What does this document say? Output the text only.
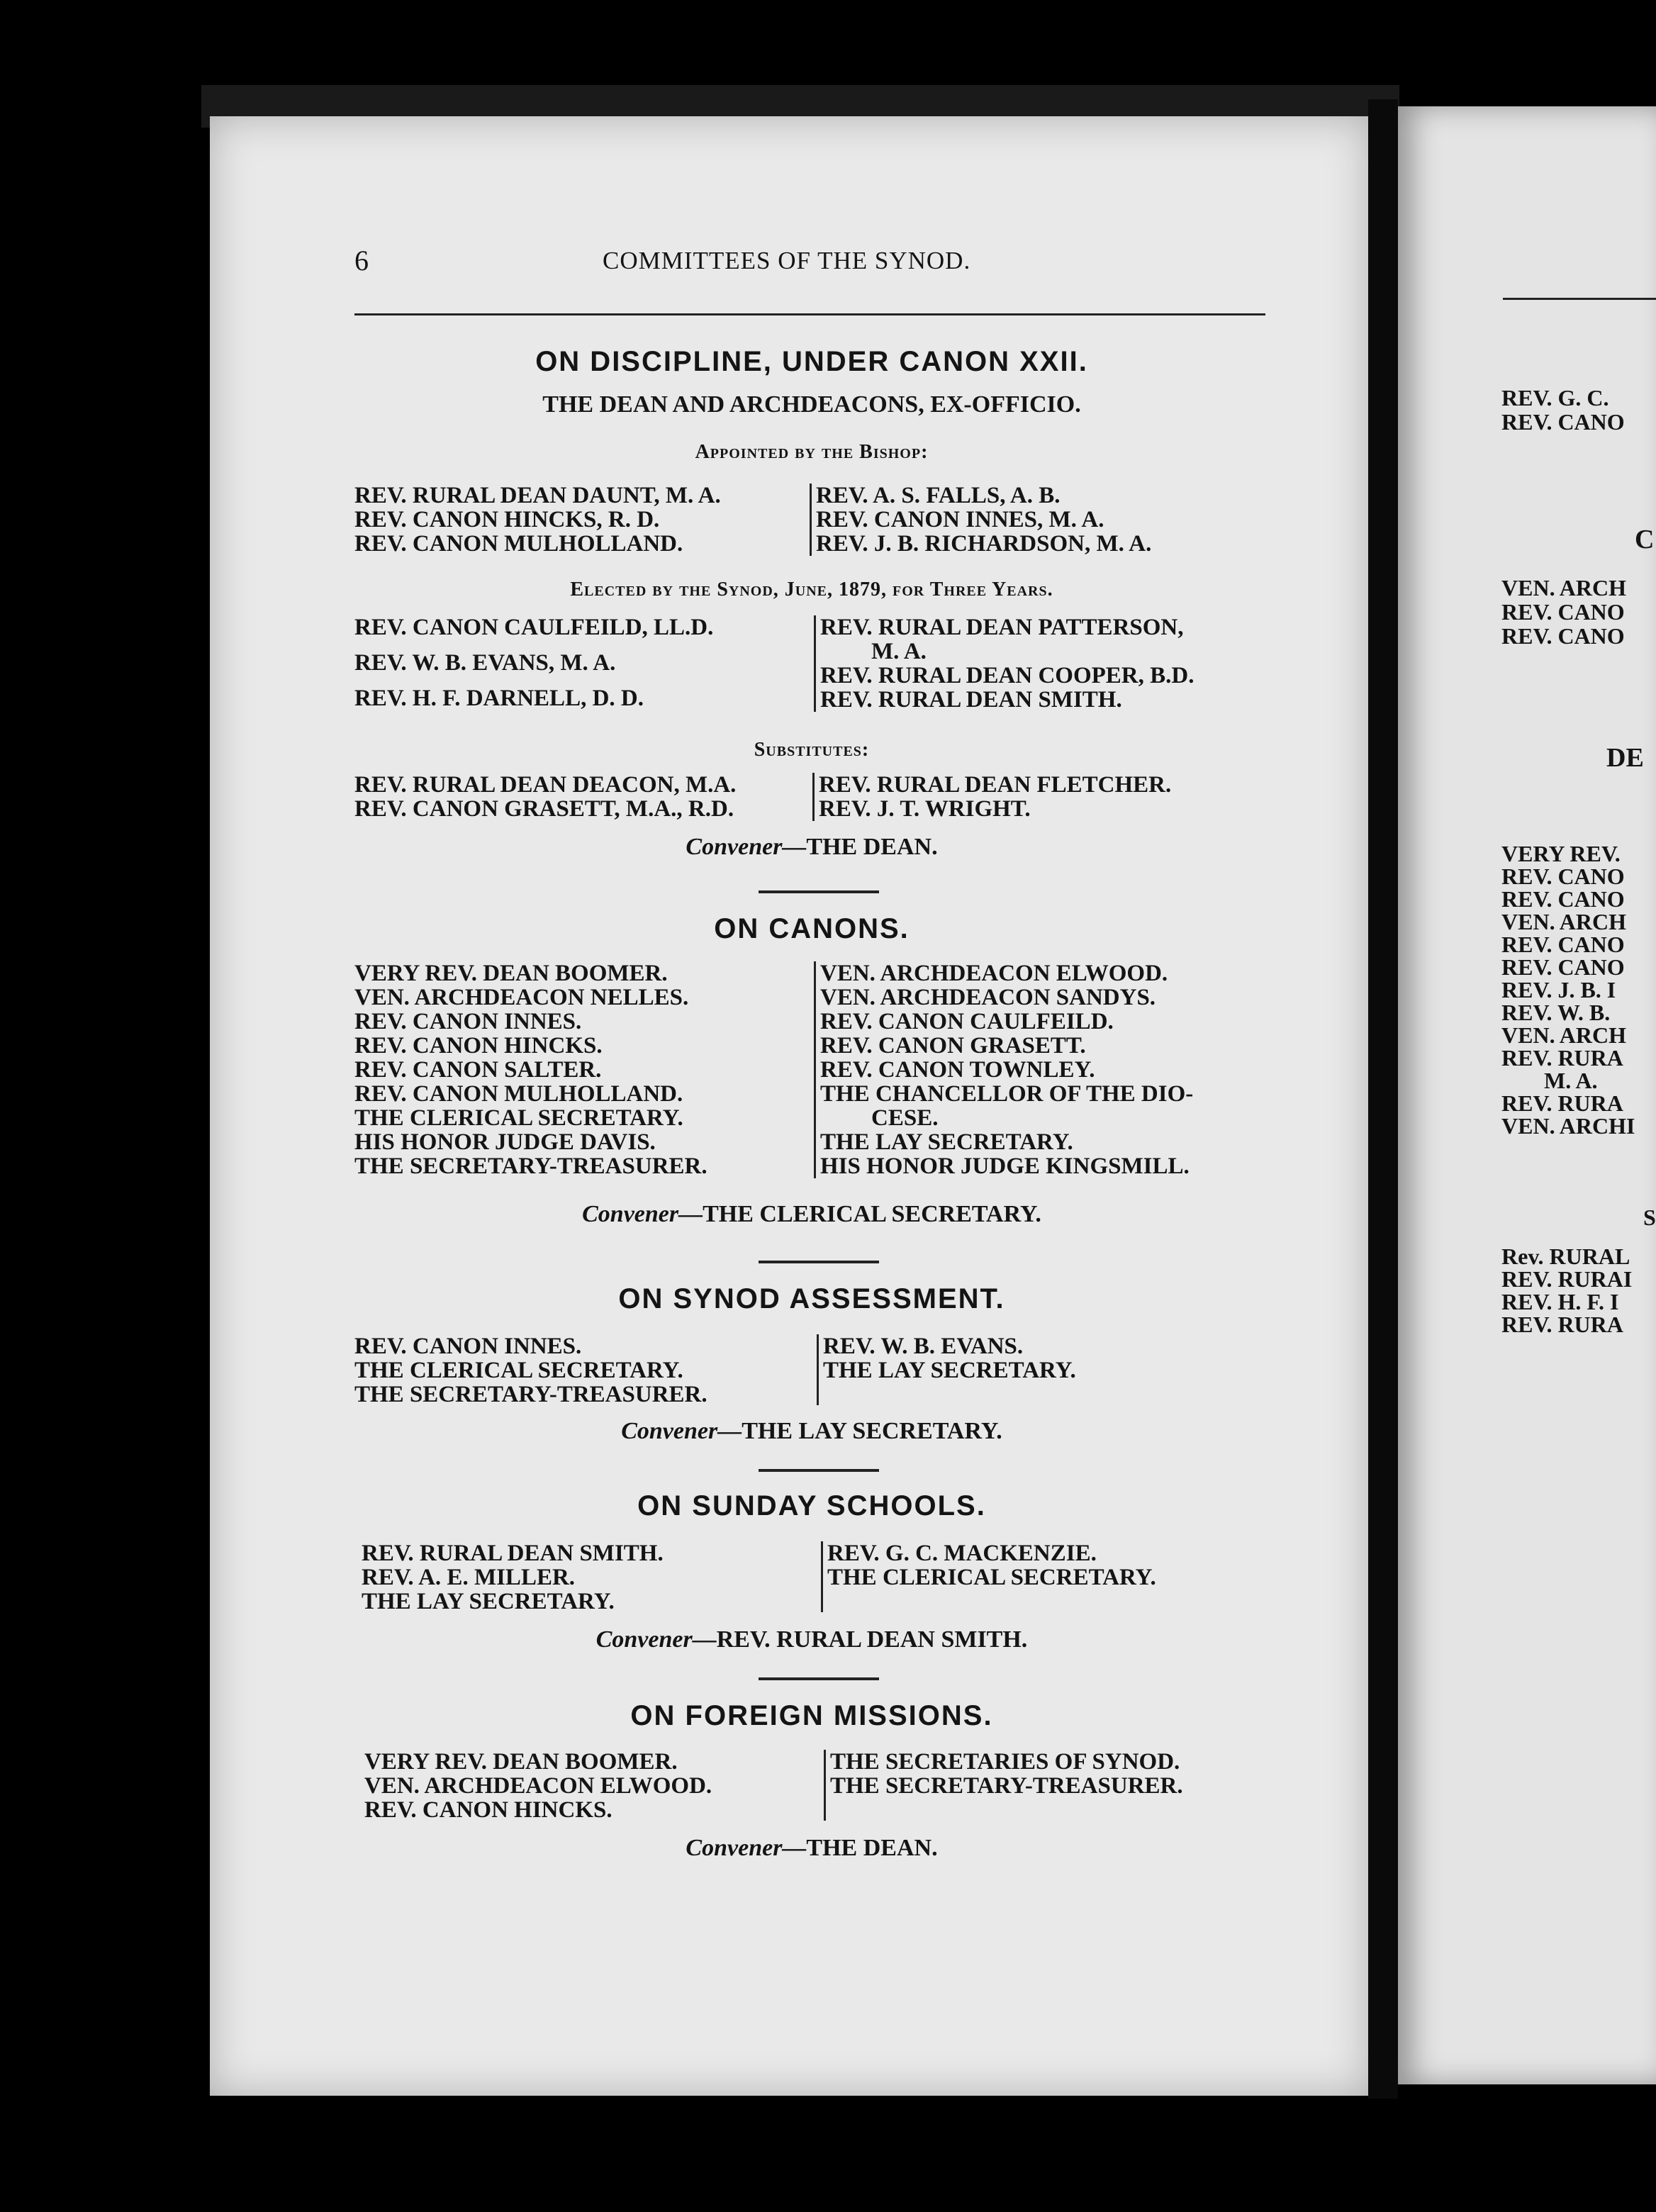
6	COMMITTEES OF THE SYNOD.
ON DISCIPLINE, UNDER CANON XXII.
THE DEAN AND ARCHDEACONS, EX-OFFICIO.
Appointed by the Bishop:
REV. RURAL DEAN DAUNT, M. A.
REV. CANON HINCKS, R. D.
REV. CANON MULHOLLAND.
REV. A. S. FALLS, A. B.
REV. CANON INNES, M. A.
REV. J. B. RICHARDSON, M. A.
Elected by the Synod, June, 1879, for Three Years.
REV. CANON CAULFEILD, LL.D.
REV. W. B. EVANS, M. A.
REV. H. F. DARNELL, D. D.
REV. RURAL DEAN PATTERSON,
M. A.
REV. RURAL DEAN COOPER, B.D.
REV. RURAL DEAN SMITH.
Substitutes:
REV. RURAL DEAN DEACON, M.A.
REV. CANON GRASETT, M.A., R.D.
REV. RURAL DEAN FLETCHER.
REV. J. T. WRIGHT.
Convener—THE DEAN.
ON CANONS.
VERY REV. DEAN BOOMER.
VEN. ARCHDEACON NELLES.
REV. CANON INNES.
REV. CANON HINCKS.
REV. CANON SALTER.
REV. CANON MULHOLLAND.
THE CLERICAL SECRETARY.
HIS HONOR JUDGE DAVIS.
THE SECRETARY-TREASURER.
VEN. ARCHDEACON ELWOOD.
VEN. ARCHDEACON SANDYS.
REV. CANON CAULFEILD.
REV. CANON GRASETT.
REV. CANON TOWNLEY.
THE CHANCELLOR OF THE DIO-
CESE.
THE LAY SECRETARY.
HIS HONOR JUDGE KINGSMILL.
Convener—THE CLERICAL SECRETARY.
ON SYNOD ASSESSMENT.
REV. CANON INNES.
THE CLERICAL SECRETARY.
THE SECRETARY-TREASURER.
REV. W. B. EVANS.
THE LAY SECRETARY.
Convener—THE LAY SECRETARY.
ON SUNDAY SCHOOLS.
REV. RURAL DEAN SMITH.
REV. A. E. MILLER.
THE LAY SECRETARY.
REV. G. C. MACKENZIE.
THE CLERICAL SECRETARY.
Convener—REV. RURAL DEAN SMITH.
ON FOREIGN MISSIONS.
VERY REV. DEAN BOOMER.
VEN. ARCHDEACON ELWOOD.
REV. CANON HINCKS.
THE SECRETARIES OF SYNOD.
THE SECRETARY-TREASURER.
Convener—THE DEAN.
REV. G. C.
REV. CANO
C
VEN. ARCH
REV. CANO
REV. CANO
DE
VERY REV.
REV. CANO
REV. CANO
VEN. ARCH
REV. CANO
REV. CANO
REV. J. B. I
REV. W. B.
VEN. ARCH
REV. RURA
M. A.
REV. RURA
VEN. ARCHI
S
Rev. RURAL
REV. RURAI
REV. H. F. I
REV. RURA
